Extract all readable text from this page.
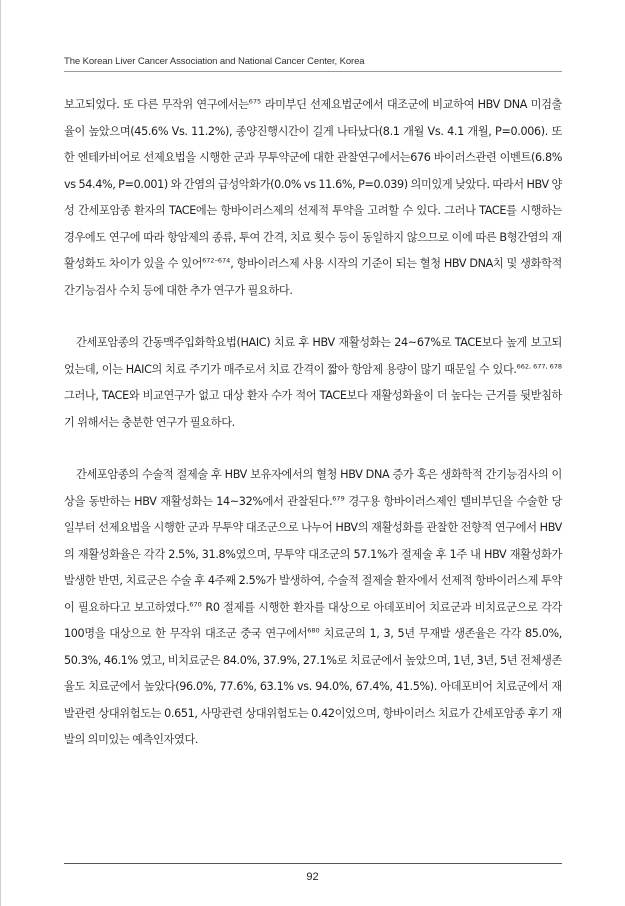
The Korean Liver Cancer Association and National Cancer Center, Korea

보고되었다. 또 다른 무작위 연구에서는$^{675}$ 라미부딘 선제요법군에서 대조군에 비교하여 HBV DNA 미검출율이 높았으며(45.6% Vs. 11.2%), 종양진행시간이 길게 나타났다(8.1 개월 Vs. 4.1 개월, P=0.006). 또한 엔테카비어로 선제요법을 시행한 군과 무투약군에 대한 관찰연구에서는676 바이러스관련 이벤트(6.8% vs 54.4%, P=0.001) 와 간염의 급성악화가(0.0% vs 11.6%, P=0.039) 의미있게 낮았다. 따라서 HBV 양성 간세포암종 환자의 TACE에는 항바이러스제의 선제적 투약을 고려할 수 있다. 그러나 TACE를 시행하는 경우에도 연구에 따라 항암제의 종류, 투여 간격, 치료 횟수 등이 동일하지 않으므로 이에 따른 B형간염의 재활성화도 차이가 있을 수 있어$^{672-674}$, 항바이러스제 사용 시작의 기준이 되는 혈청 HBV DNA치 및 생화학적 간기능검사 수치 등에 대한 추가 연구가 필요하다.

간세포암종의 간동맥주입화학요법(HAIC) 치료 후 HBV 재활성화는 24~67%로 TACE보다 높게 보고되었는데, 이는 HAIC의 치료 주기가 매주로서 치료 간격이 짧아 항암제 용량이 많기 때문일 수 있다.$^{662, 677, 678}$ 그러나, TACE와 비교연구가 없고 대상 환자 수가 적어 TACE보다 재활성화율이 더 높다는 근거를 뒷받침하기 위해서는 충분한 연구가 필요하다.

간세포암종의 수술적 절제술 후 HBV 보유자에서의 혈청 HBV DNA 증가 혹은 생화학적 간기능검사의 이상을 동반하는 HBV 재활성화는 14~32%에서 관찰된다.$^{679}$ 경구용 항바이러스제인 텔비부딘을 수술한 당일부터 선제요법을 시행한 군과 무투약 대조군으로 나누어 HBV의 재활성화를 관찰한 전향적 연구에서 HBV의 재활성화율은 각각 2.5%, 31.8%였으며, 무투약 대조군의 57.1%가 절제술 후 1주 내 HBV 재활성화가 발생한 반면, 치료군은 수술 후 4주째 2.5%가 발생하여, 수술적 절제술 환자에서 선제적 항바이러스제 투약이 필요하다고 보고하였다.$^{670}$ R0 절제를 시행한 환자를 대상으로 아데포비어 치료군과 비치료군으로 각각 100명을 대상으로 한 무작위 대조군 중국 연구에서$^{680}$ 치료군의 1, 3, 5년 무재발 생존율은 각각 85.0%, 50.3%, 46.1% 였고, 비치료군은 84.0%, 37.9%, 27.1%로 치료군에서 높았으며, 1년, 3년, 5년 전체생존율도 치료군에서 높았다(96.0%, 77.6%, 63.1% vs. 94.0%, 67.4%, 41.5%). 아데포비어 치료군에서 재발관련 상대위험도는 0.651, 사망관련 상대위험도는 0.42이었으며, 항바이러스 치료가 간세포암종 후기 재발의 의미있는 예측인자였다.

92
